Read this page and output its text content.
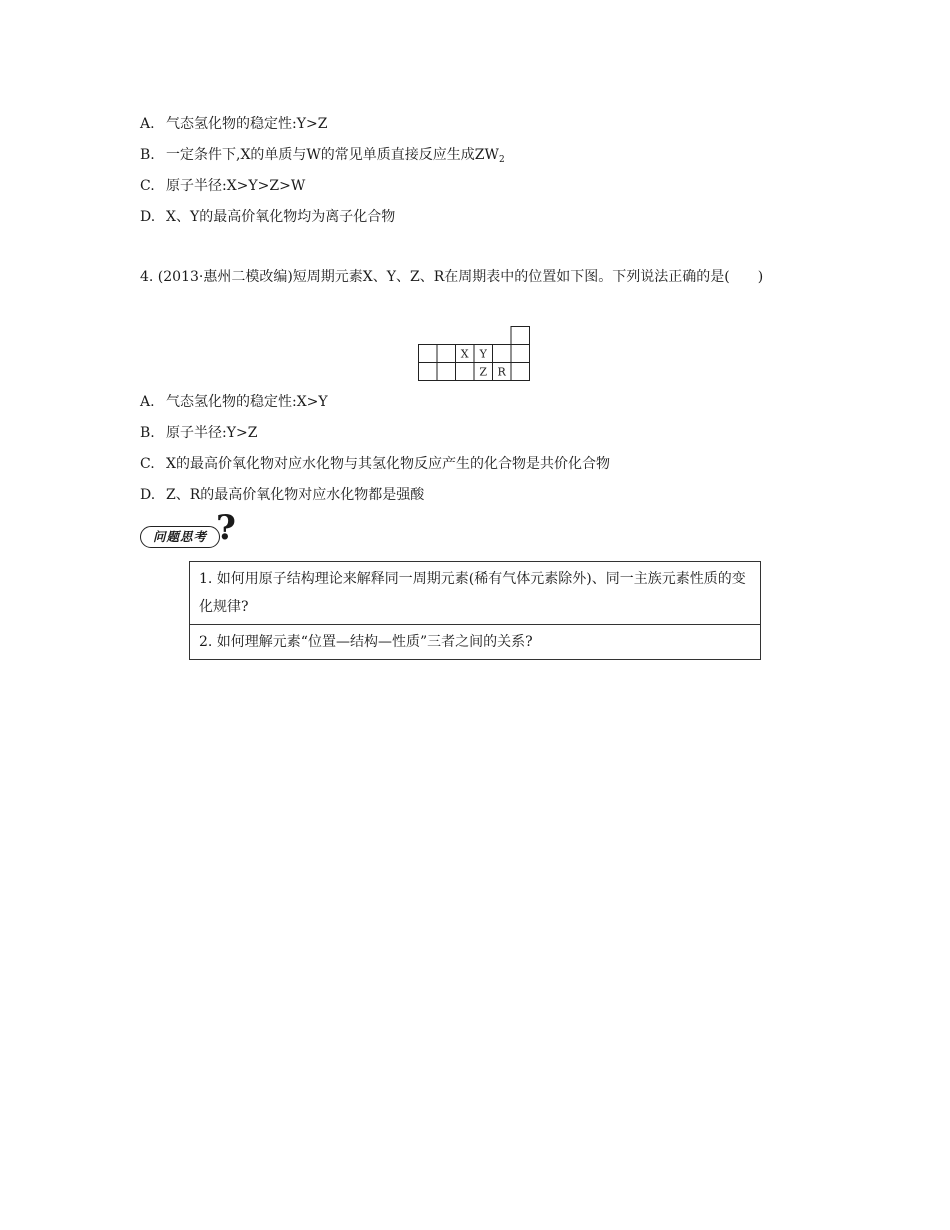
A. 气态氢化物的稳定性:Y>Z
B. 一定条件下,X的单质与W的常见单质直接反应生成$ZW_2$
C. 原子半径:X>Y>Z>W
D. X、Y的最高价氧化物均为离子化合物
4. (2013·惠州二模改编)短周期元素X、Y、Z、R在周期表中的位置如下图。下列说法正确的是(　　)
X Y
Z R
A. 气态氢化物的稳定性:X>Y
B. 原子半径:Y>Z
C. X的最高价氧化物对应水化物与其氢化物反应产生的化合物是共价化合物
D. Z、R的最高价氧化物对应水化物都是强酸
问题思考 ?
1. 如何用原子结构理论来解释同一周期元素(稀有气体元素除外)、同一主族元素性质的变化规律?
2. 如何理解元素“位置—结构—性质”三者之间的关系?
